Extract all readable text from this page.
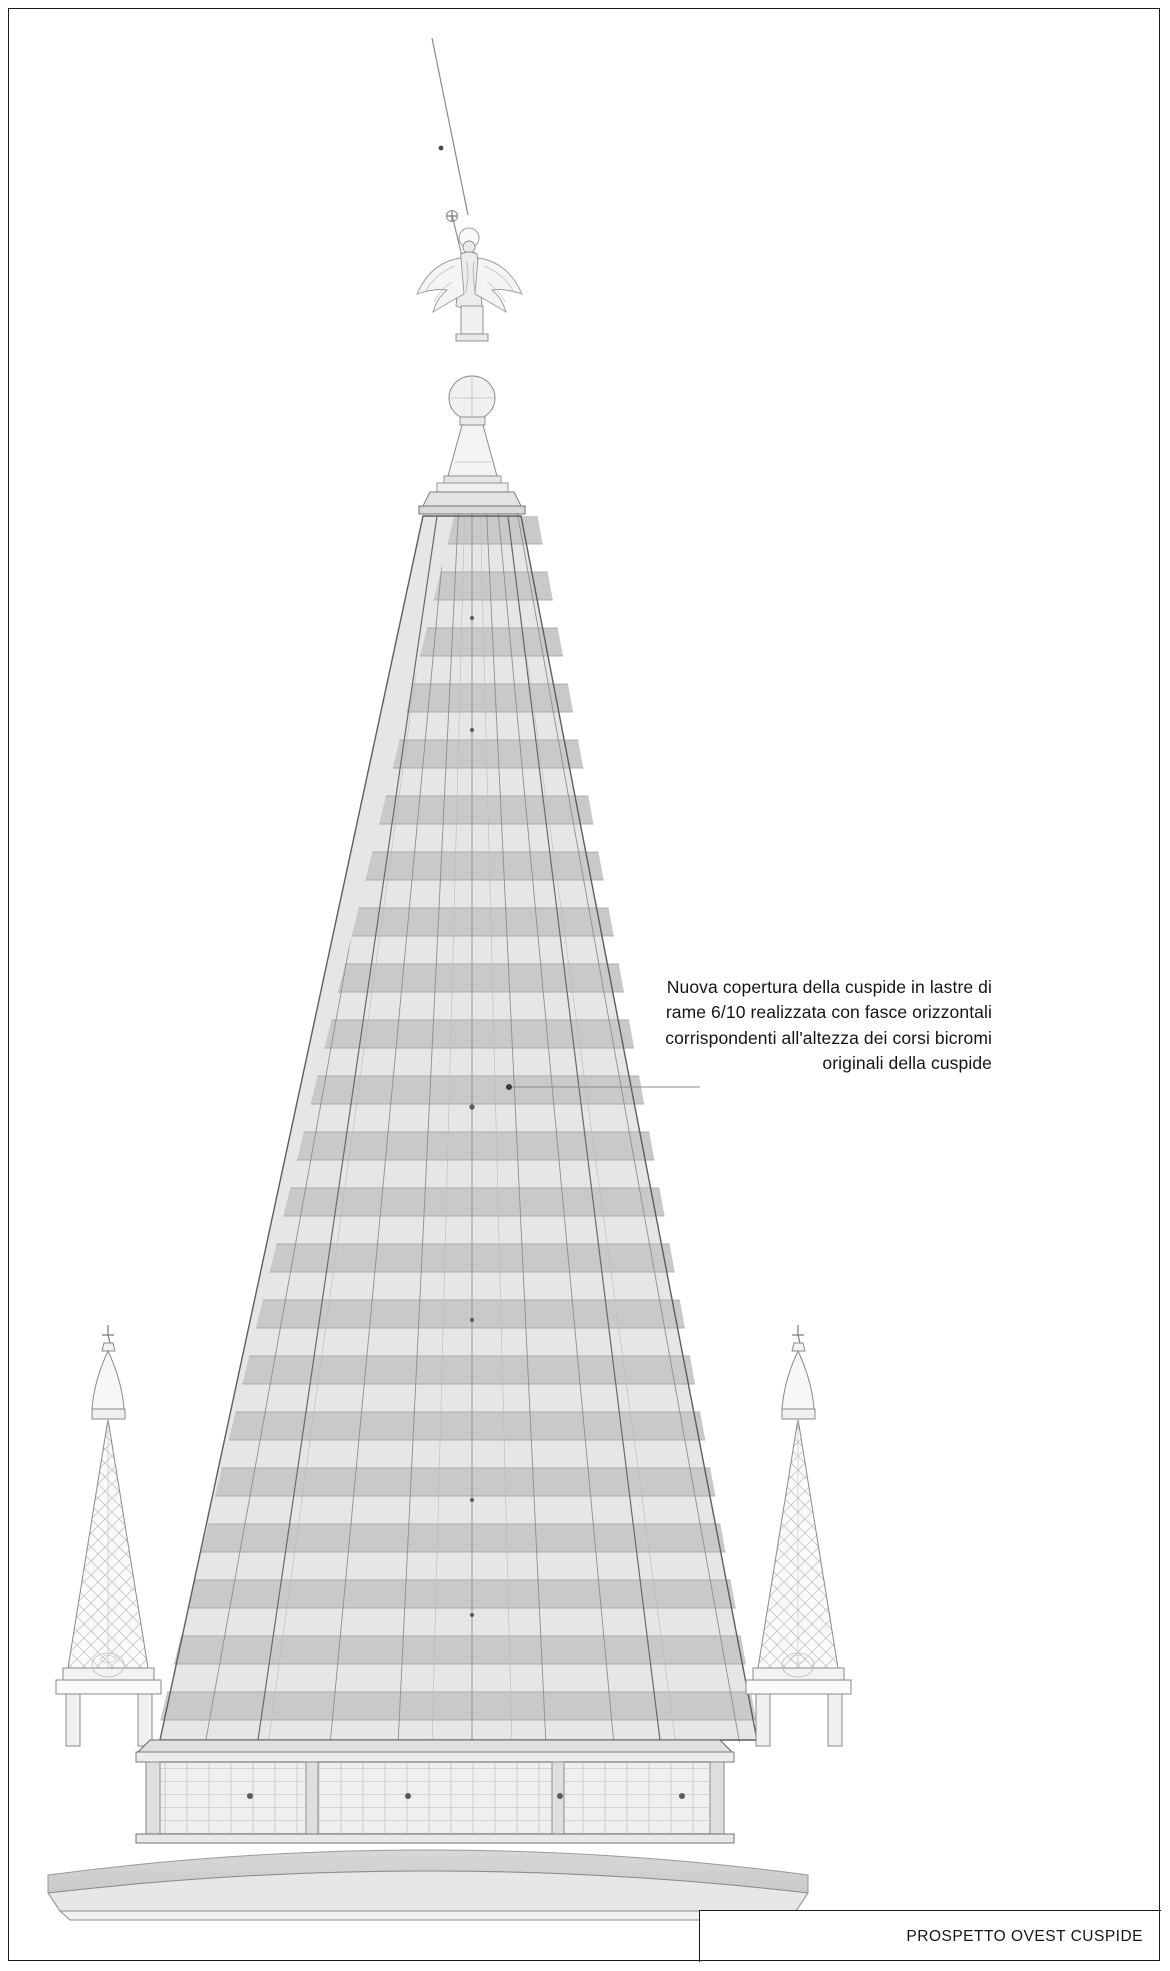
Nuova copertura della cuspide in lastre di
rame 6/10 realizzata con fasce orizzontali
corrispondenti all'altezza dei corsi bicromi
originali della cuspide
PROSPETTO OVEST CUSPIDE
